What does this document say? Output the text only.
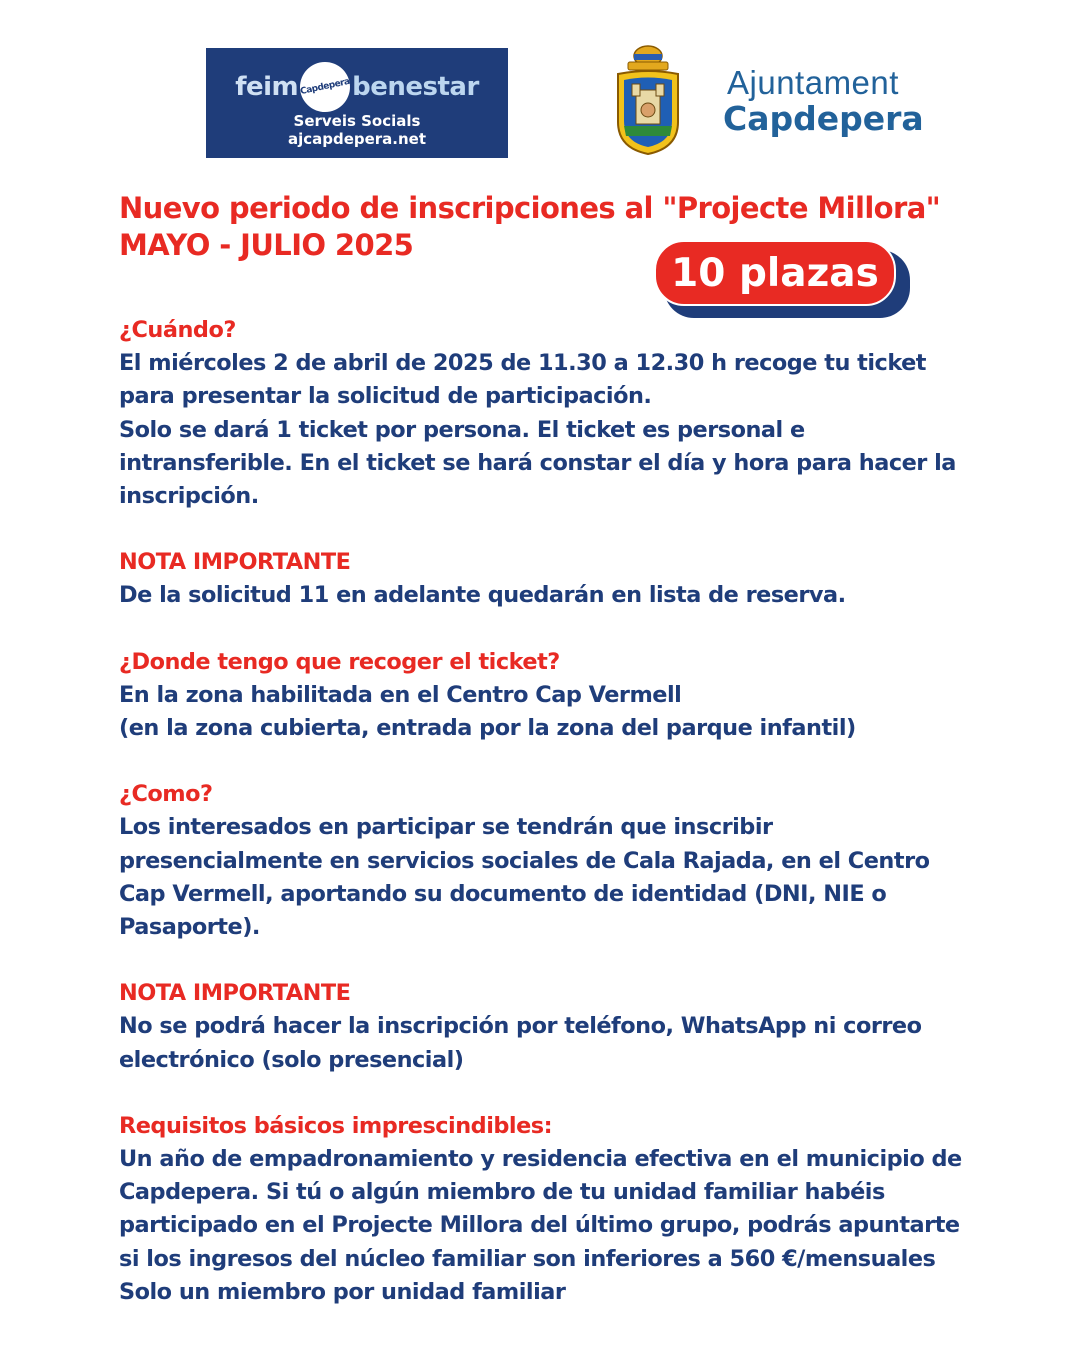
feim Capdepera benestar
Serveis Socials
ajcapdepera.net
Ajuntament
Capdepera
Nuevo periodo de inscripciones al "Projecte Millora"
MAYO - JULIO 2025
10 plazas
¿Cuándo?
El miércoles 2 de abril de 2025 de 11.30 a 12.30 h recoge tu ticket
para presentar la solicitud de participación.
Solo se dará 1 ticket por persona. El ticket es personal e
intransferible. En el ticket se hará constar el día y hora para hacer la
inscripción.
NOTA IMPORTANTE
De la solicitud 11 en adelante quedarán en lista de reserva.
¿Donde tengo que recoger el ticket?
En la zona habilitada en el Centro Cap Vermell
(en la zona cubierta, entrada por la zona del parque infantil)
¿Como?
Los interesados en participar se tendrán que inscribir
presencialmente en servicios sociales de Cala Rajada, en el Centro
Cap Vermell, aportando su documento de identidad (DNI, NIE o
Pasaporte).
NOTA IMPORTANTE
No se podrá hacer la inscripción por teléfono, WhatsApp ni correo
electrónico (solo presencial)
Requisitos básicos imprescindibles:
Un año de empadronamiento y residencia efectiva en el municipio de
Capdepera. Si tú o algún miembro de tu unidad familiar habéis
participado en el Projecte Millora del último grupo, podrás apuntarte
si los ingresos del núcleo familiar son inferiores a 560 €/mensuales
Solo un miembro por unidad familiar
